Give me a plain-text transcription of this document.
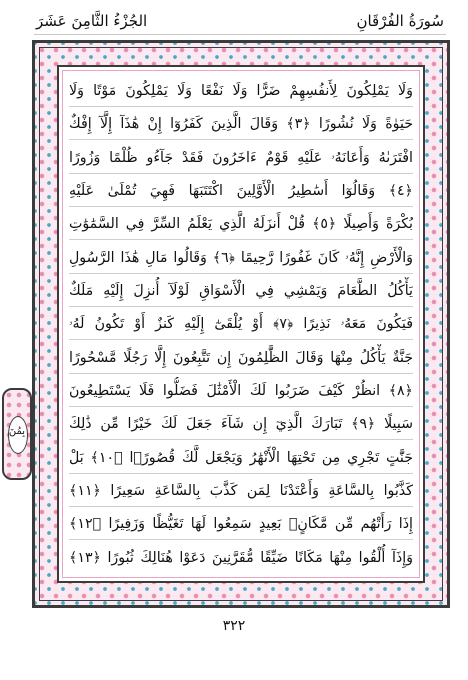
سُورَةُ الفُرْقَانِ
الجُزْءُ الثَّامِنَ عَشَرَ
وَلَا يَمْلِكُونَ لِأَنفُسِهِمْ ضَرًّا وَلَا نَفْعًا وَلَا يَمْلِكُونَ مَوْتًا وَلَا
حَيَوٰةً وَلَا نُشُورًا ﴿٣﴾ وَقَالَ الَّذِينَ كَفَرُوٓا إِنْ هَٰذَآ إِلَّآ إِفْكٌ
افْتَرَىٰهُ وَأَعَانَهُۥ عَلَيْهِ قَوْمٌ ءَاخَرُونَ فَقَدْ جَآءُو ظُلْمًا وَزُورًا
﴿٤﴾ وَقَالُوٓا أَسَٰطِيرُ الْأَوَّلِينَ اكْتَتَبَهَا فَهِيَ تُمْلَىٰ عَلَيْهِ
بُكْرَةً وَأَصِيلًا ﴿٥﴾ قُلْ أَنزَلَهُ الَّذِي يَعْلَمُ السِّرَّ فِي السَّمَٰوَٰتِ
وَالْأَرْضِ إِنَّهُۥ كَانَ غَفُورًا رَّحِيمًا ﴿٦﴾ وَقَالُوا مَالِ هَٰذَا الرَّسُولِ
يَأْكُلُ الطَّعَامَ وَيَمْشِي فِي الْأَسْوَاقِ لَوْلَآ أُنزِلَ إِلَيْهِ مَلَكٌ
فَيَكُونَ مَعَهُۥ نَذِيرًا ﴿٧﴾ أَوْ يُلْقَىٰٓ إِلَيْهِ كَنزٌ أَوْ تَكُونُ لَهُۥ
جَنَّةٌ يَأْكُلُ مِنْهَا وَقَالَ الظَّٰلِمُونَ إِن تَتَّبِعُونَ إِلَّا رَجُلًا مَّسْحُورًا
﴿٨﴾ انظُرْ كَيْفَ ضَرَبُوا لَكَ الْأَمْثَٰلَ فَضَلُّوا فَلَا يَسْتَطِيعُونَ
سَبِيلًا ﴿٩﴾ تَبَارَكَ الَّذِيٓ إِن شَآءَ جَعَلَ لَكَ خَيْرًا مِّن ذَٰلِكَ
جَنَّٰتٍ تَجْرِي مِن تَحْتِهَا الْأَنْهَٰرُ وَيَجْعَل لَّكَ قُصُورًۢا ﴿١٠﴾ بَلْ
كَذَّبُوا بِالسَّاعَةِ وَأَعْتَدْنَا لِمَن كَذَّبَ بِالسَّاعَةِ سَعِيرًا ﴿١١﴾
إِذَا رَأَتْهُم مِّن مَّكَانٍۭ بَعِيدٍ سَمِعُوا لَهَا تَغَيُّظًا وَزَفِيرًا ﴿١٢﴾
وَإِذَآ أُلْقُوا مِنْهَا مَكَانًا ضَيِّقًا مُّقَرَّنِينَ دَعَوْا هُنَالِكَ ثُبُورًا ﴿١٣﴾
بِمُنَ
٣٢٢
